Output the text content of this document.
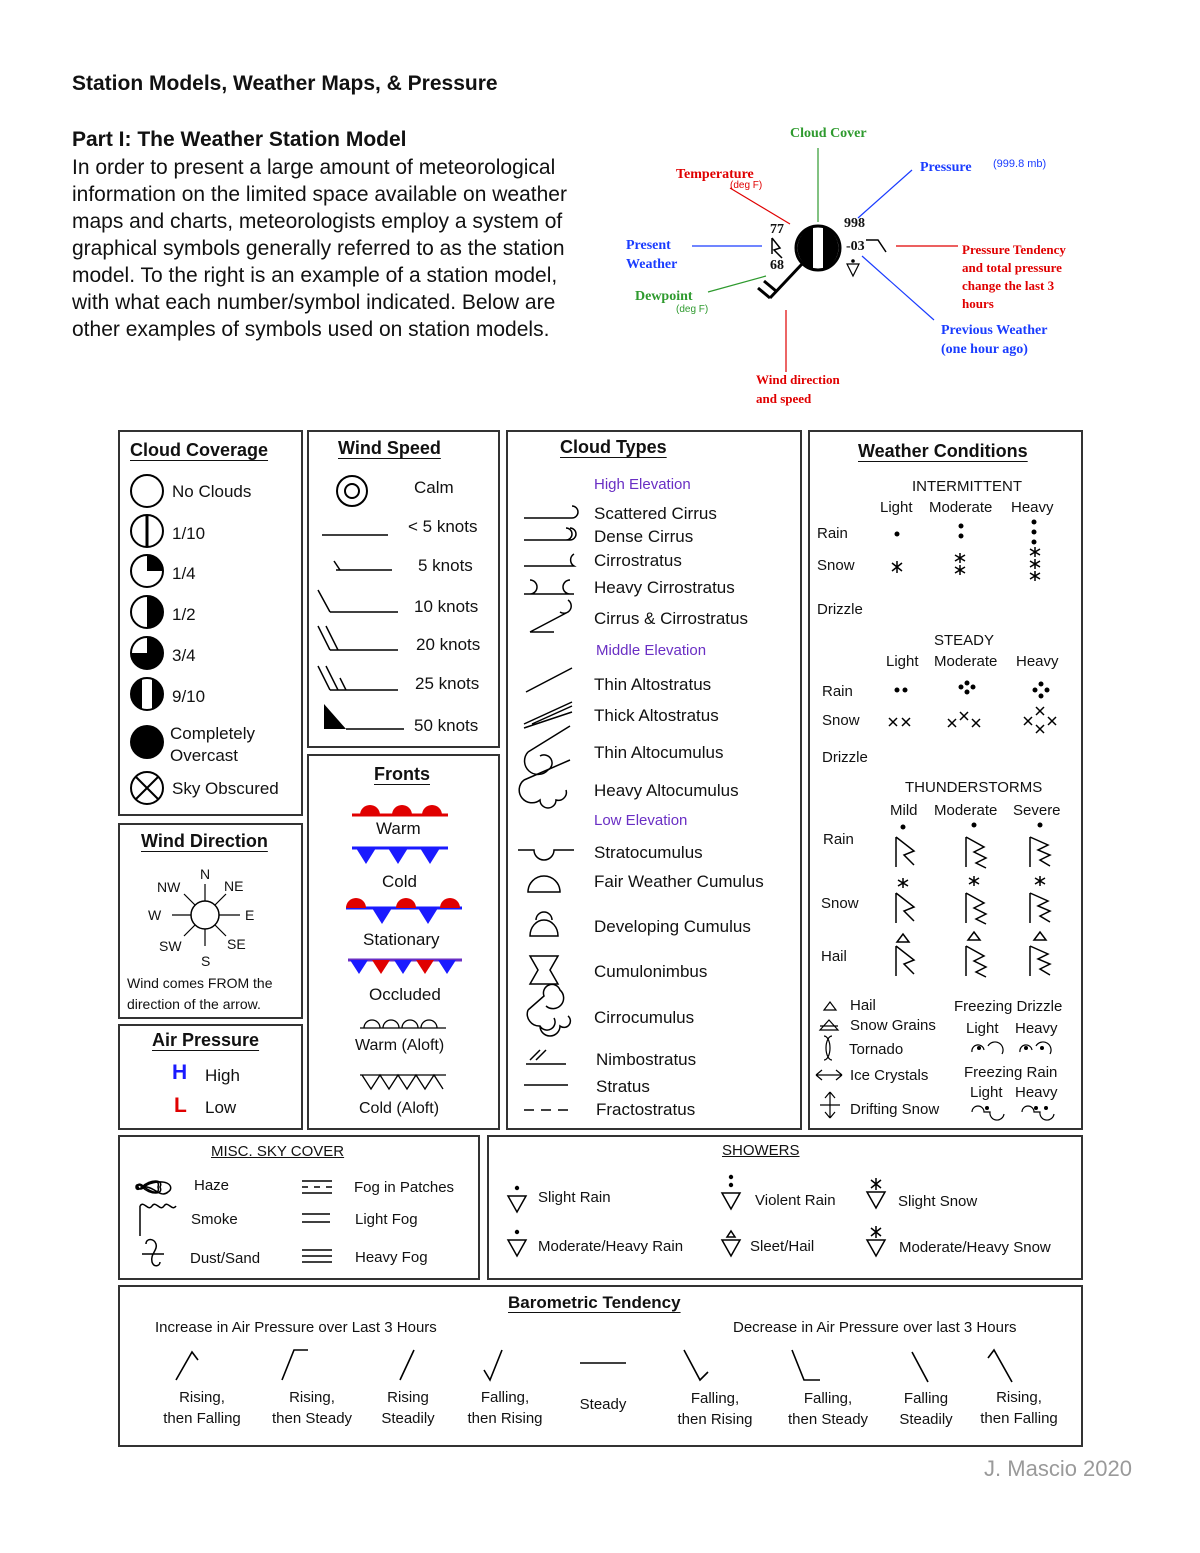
Station Models, Weather Maps, & Pressure
Part I: The Weather Station Model
In order to present a large amount of meteorological information on the limited space available on weather maps and charts, meteorologists employ a system of graphical symbols generally referred to as the station model. To the right is an example of a station model, with what each number/symbol indicated. Below are other examples of symbols used on station models.
Cloud Cover
Temperature
(deg F)
Pressure (999.8 mb)
Present
Weather
Dewpoint
(deg F)
Pressure Tendency
and total pressure
change the last 3
hours
Previous Weather
(one hour ago)
Wind direction
and speed
77
68
998
-03
Cloud Coverage
No Clouds
1/10
1/4
1/2
3/4
9/10
Completely
Overcast
Sky Obscured
Wind Speed
Calm
< 5 knots
5 knots
10 knots
20 knots
25 knots
50 knots
Cloud Types
High Elevation
Scattered Cirrus
Dense Cirrus
Cirrostratus
Heavy Cirrostratus
Cirrus & Cirrostratus
Middle Elevation
Thin Altostratus
Thick Altostratus
Thin Altocumulus
Heavy Altocumulus
Low Elevation
Stratocumulus
Fair Weather Cumulus
Developing Cumulus
Cumulonimbus
Cirrocumulus
Nimbostratus
Stratus
Fractostratus
Weather Conditions
INTERMITTENT
Light Moderate Heavy
Rain
Snow
Drizzle
STEADY
Light Moderate Heavy
Rain
Snow
Drizzle
THUNDERSTORMS
Mild Moderate Severe
Rain
Snow
Hail
Hail
Snow Grains
Tornado
Ice Crystals
Drifting Snow
Freezing Drizzle
Light Heavy
Freezing Rain
Light Heavy
Wind Direction
N
NE
E
SE
S
SW
W
NW
Wind comes FROM the
direction of the arrow.
Fronts
Warm
Cold
Stationary
Occluded
Warm (Aloft)
Cold (Aloft)
Air Pressure
H High
L Low
MISC. SKY COVER
Haze
Smoke
Dust/Sand
Fog in Patches
Light Fog
Heavy Fog
SHOWERS
Slight Rain
Moderate/Heavy Rain
Violent Rain
Sleet/Hail
Slight Snow
Moderate/Heavy Snow
Barometric Tendency
Increase in Air Pressure over Last 3 Hours	Decrease in Air Pressure over last 3 Hours
Rising,
then Falling
Rising,
then Steady
Rising
Steadily
Falling,
then Rising
Steady	Falling,
then Rising
Falling,
then Steady
Falling
Steadily
Rising,
then Falling
J. Mascio 2020
